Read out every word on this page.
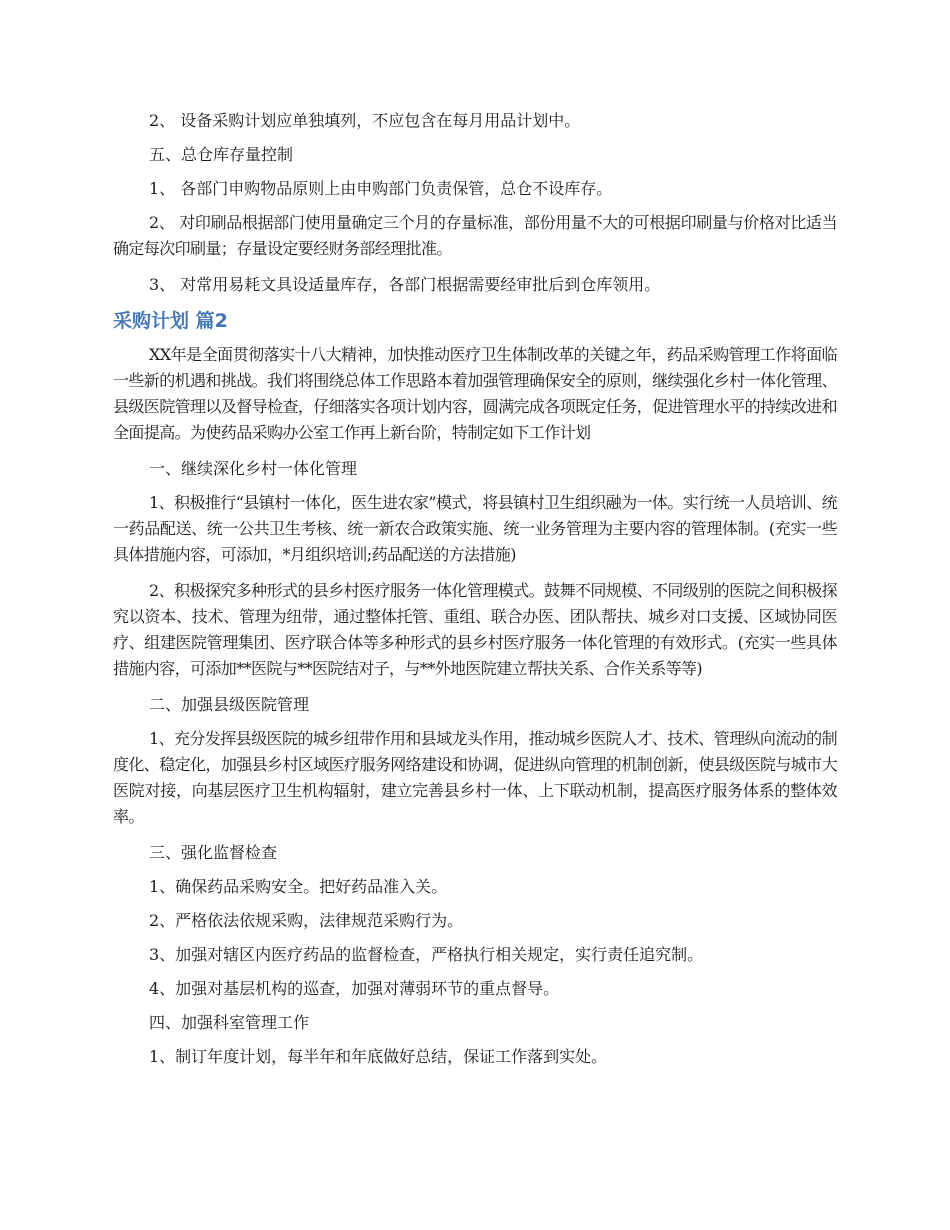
2、 设备采购计划应单独填列，不应包含在每月用品计划中。

五、总仓库存量控制

1、 各部门申购物品原则上由申购部门负责保管，总仓不设库存。

2、 对印刷品根据部门使用量确定三个月的存量标准，部份用量不大的可根据印刷量与价格对比适当确定每次印刷量；存量设定要经财务部经理批准。

3、 对常用易耗文具设适量库存，各部门根据需要经审批后到仓库领用。

采购计划 篇2

XX年是全面贯彻落实十八大精神，加快推动医疗卫生体制改革的关键之年，药品采购管理工作将面临一些新的机遇和挑战。我们将围绕总体工作思路本着加强管理确保安全的原则，继续强化乡村一体化管理、县级医院管理以及督导检查，仔细落实各项计划内容，圆满完成各项既定任务，促进管理水平的持续改进和全面提高。为使药品采购办公室工作再上新台阶，特制定如下工作计划

一、继续深化乡村一体化管理

1、积极推行“县镇村一体化，医生进农家”模式，将县镇村卫生组织融为一体。实行统一人员培训、统一药品配送、统一公共卫生考核、统一新农合政策实施、统一业务管理为主要内容的管理体制。(充实一些具体措施内容，可添加，*月组织培训;药品配送的方法措施)

2、积极探究多种形式的县乡村医疗服务一体化管理模式。鼓舞不同规模、不同级别的医院之间积极探究以资本、技术、管理为纽带，通过整体托管、重组、联合办医、团队帮扶、城乡对口支援、区域协同医疗、组建医院管理集团、医疗联合体等多种形式的县乡村医疗服务一体化管理的有效形式。(充实一些具体措施内容，可添加**医院与**医院结对子，与**外地医院建立帮扶关系、合作关系等等)

二、加强县级医院管理

1、充分发挥县级医院的城乡纽带作用和县域龙头作用，推动城乡医院人才、技术、管理纵向流动的制度化、稳定化，加强县乡村区域医疗服务网络建设和协调，促进纵向管理的机制创新，使县级医院与城市大医院对接，向基层医疗卫生机构辐射，建立完善县乡村一体、上下联动机制，提高医疗服务体系的整体效率。

三、强化监督检查

1、确保药品采购安全。把好药品准入关。

2、严格依法依规采购，法律规范采购行为。

3、加强对辖区内医疗药品的监督检查，严格执行相关规定，实行责任追究制。

4、加强对基层机构的巡查，加强对薄弱环节的重点督导。

四、加强科室管理工作

1、制订年度计划，每半年和年底做好总结，保证工作落到实处。
